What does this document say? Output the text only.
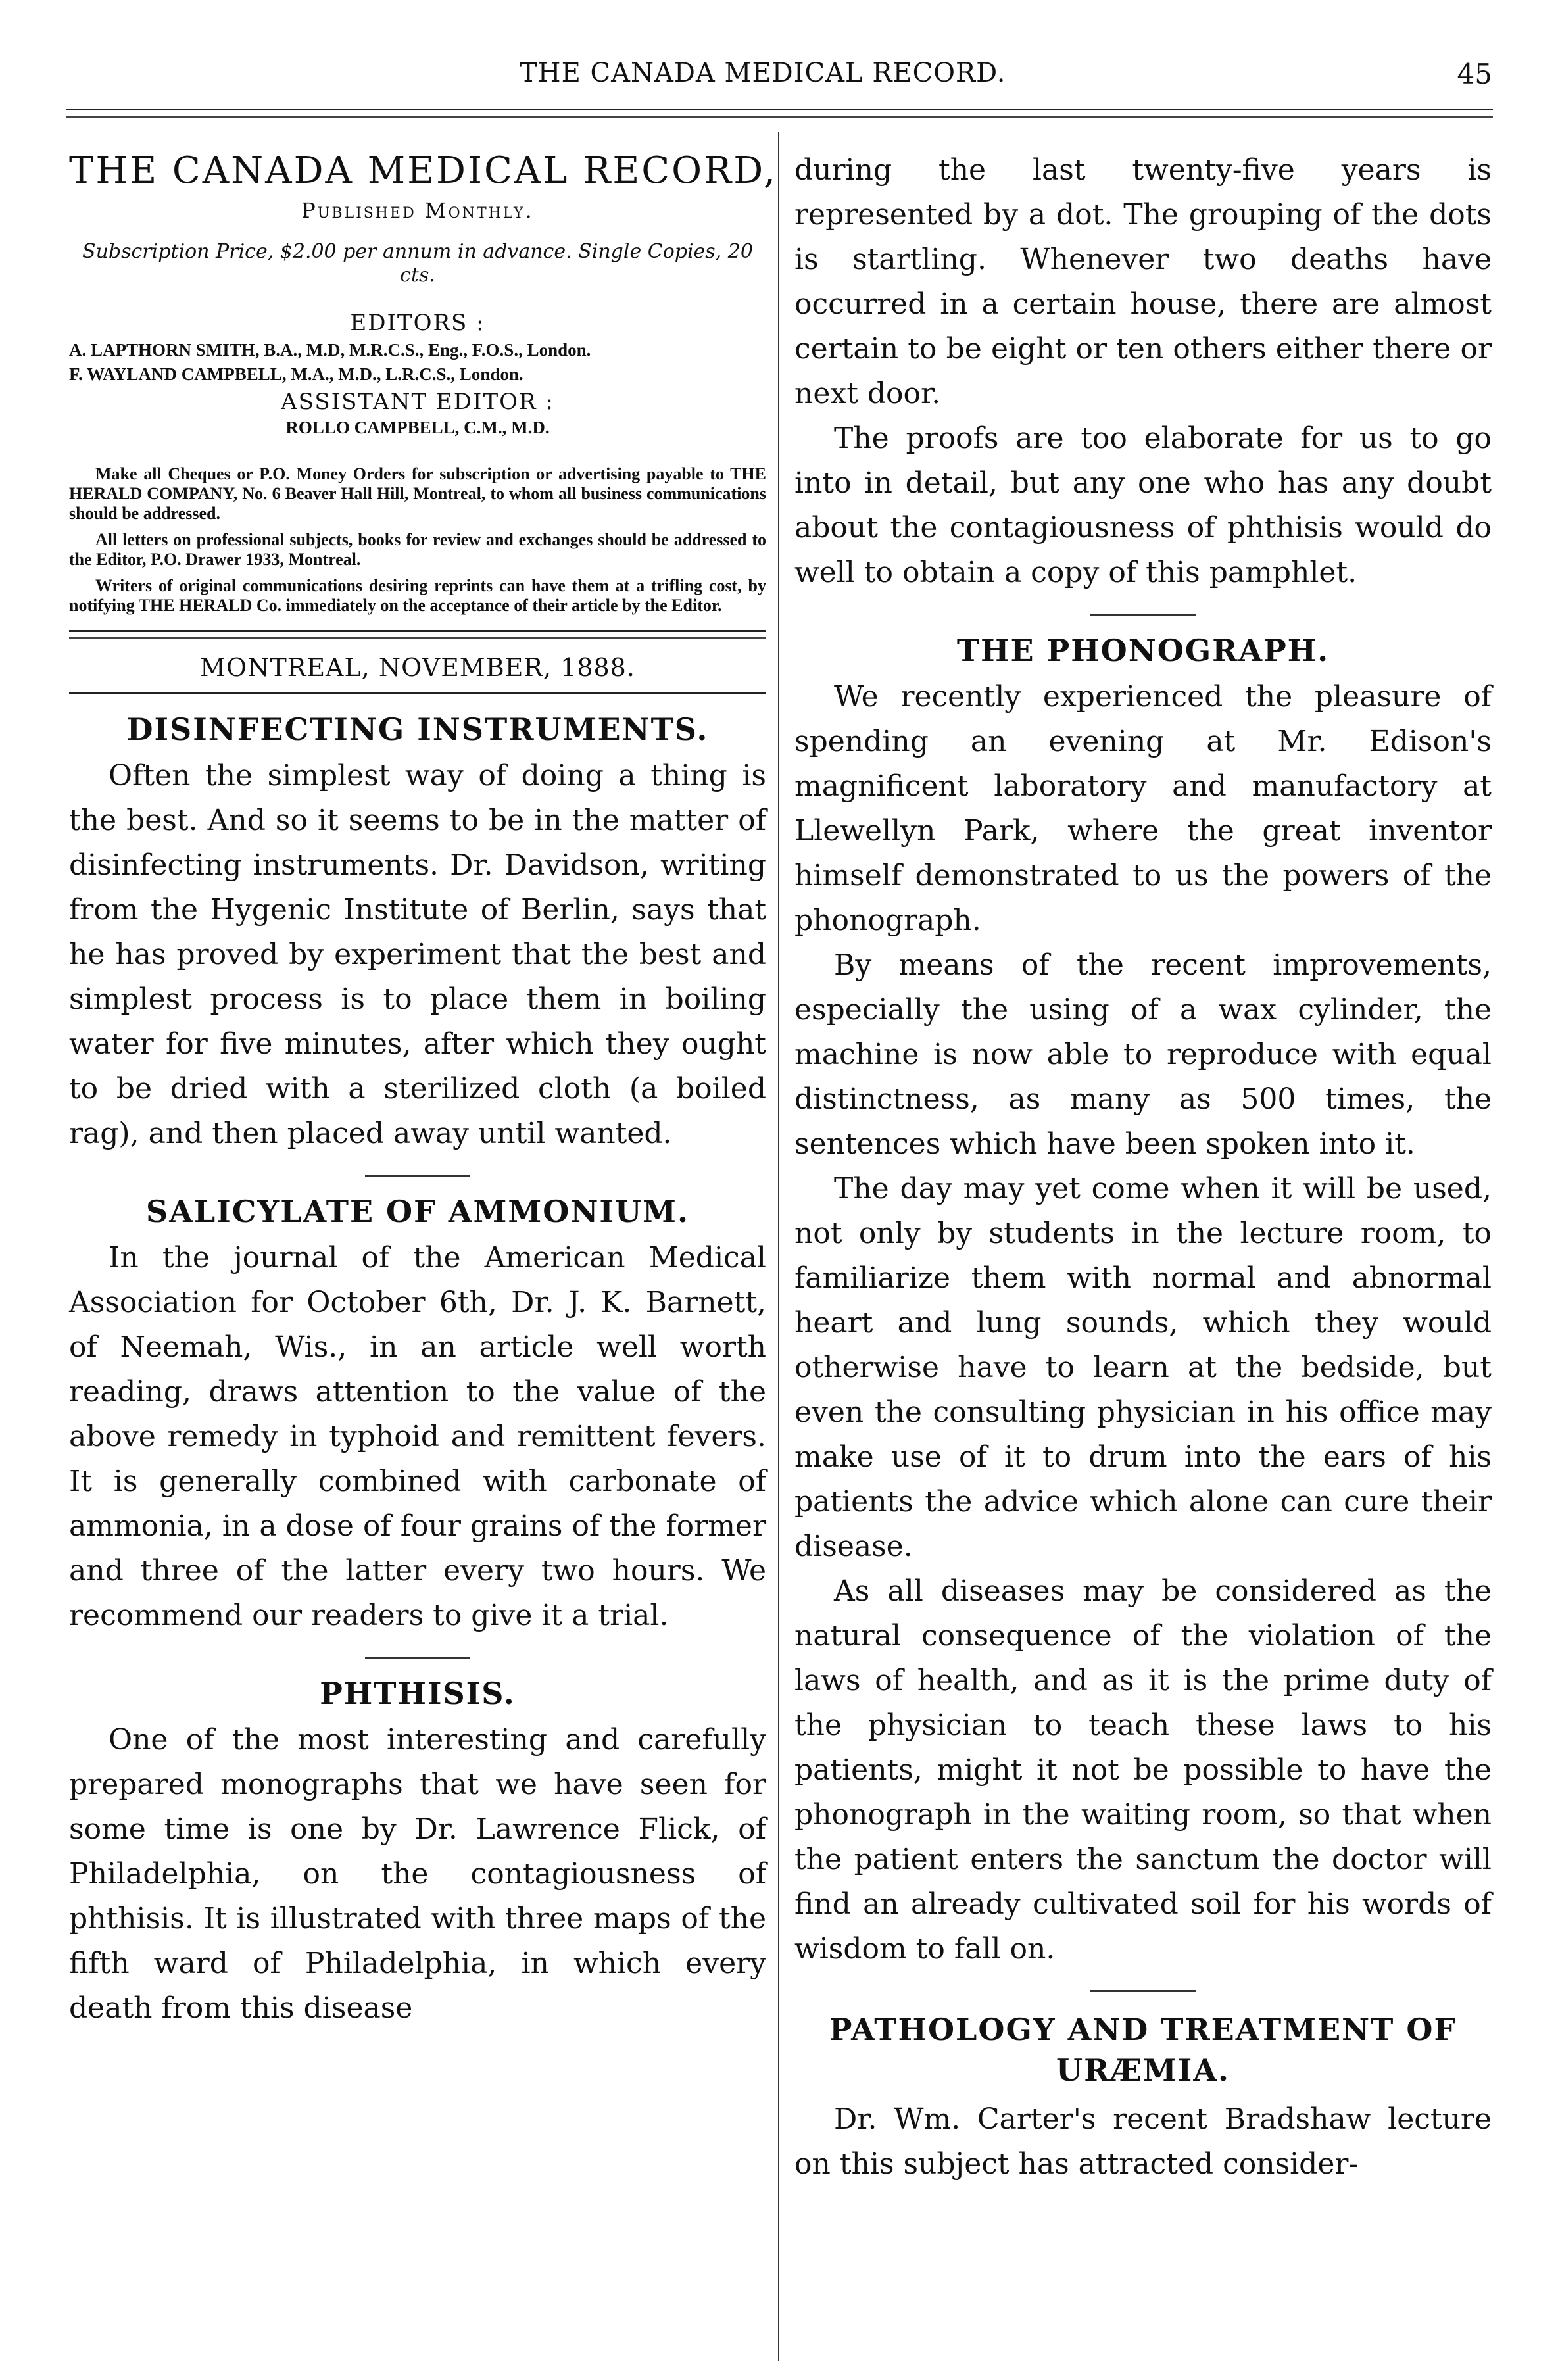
THE CANADA MEDICAL RECORD.	45

THE CANADA MEDICAL RECORD,

Published Monthly.

Subscription Price, $2.00 per annum in advance. Single Copies, 20 cts.

EDITORS :

A. LAPTHORN SMITH, B.A., M.D, M.R.C.S., Eng., F.O.S., London.

F. WAYLAND CAMPBELL, M.A., M.D., L.R.C.S., London.

ASSISTANT EDITOR :

ROLLO CAMPBELL, C.M., M.D.

Make all Cheques or P.O. Money Orders for subscription or advertising payable to THE HERALD COMPANY, No. 6 Beaver Hall Hill, Montreal, to whom all business communications should be addressed.

All letters on professional subjects, books for review and exchanges should be addressed to the Editor, P.O. Drawer 1933, Montreal.

Writers of original communications desiring reprints can have them at a trifling cost, by notifying THE HERALD Co. immediately on the acceptance of their article by the Editor.

MONTREAL, NOVEMBER, 1888.

DISINFECTING INSTRUMENTS.

Often the simplest way of doing a thing is the best. And so it seems to be in the matter of disinfecting instruments. Dr. Davidson, writing from the Hygenic Institute of Berlin, says that he has proved by experiment that the best and simplest process is to place them in boiling water for five minutes, after which they ought to be dried with a sterilized cloth (a boiled rag), and then placed away until wanted.

SALICYLATE OF AMMONIUM.

In the journal of the American Medical Association for October 6th, Dr. J. K. Barnett, of Neemah, Wis., in an article well worth reading, draws attention to the value of the above remedy in typhoid and remittent fevers. It is generally combined with carbonate of ammonia, in a dose of four grains of the former and three of the latter every two hours. We recommend our readers to give it a trial.

PHTHISIS.

One of the most interesting and carefully prepared monographs that we have seen for some time is one by Dr. Lawrence Flick, of Philadelphia, on the contagiousness of phthisis. It is illustrated with three maps of the fifth ward of Philadelphia, in which every death from this disease

during the last twenty-five years is represented by a dot. The grouping of the dots is startling. Whenever two deaths have occurred in a certain house, there are almost certain to be eight or ten others either there or next door.

The proofs are too elaborate for us to go into in detail, but any one who has any doubt about the contagiousness of phthisis would do well to obtain a copy of this pamphlet.

THE PHONOGRAPH.

We recently experienced the pleasure of spending an evening at Mr. Edison's magnificent laboratory and manufactory at Llewellyn Park, where the great inventor himself demonstrated to us the powers of the phonograph.

By means of the recent improvements, especially the using of a wax cylinder, the machine is now able to reproduce with equal distinctness, as many as 500 times, the sentences which have been spoken into it.

The day may yet come when it will be used, not only by students in the lecture room, to familiarize them with normal and abnormal heart and lung sounds, which they would otherwise have to learn at the bedside, but even the consulting physician in his office may make use of it to drum into the ears of his patients the advice which alone can cure their disease.

As all diseases may be considered as the natural consequence of the violation of the laws of health, and as it is the prime duty of the physician to teach these laws to his patients, might it not be possible to have the phonograph in the waiting room, so that when the patient enters the sanctum the doctor will find an already cultivated soil for his words of wisdom to fall on.

PATHOLOGY AND TREATMENT OF URÆMIA.

Dr. Wm. Carter's recent Bradshaw lecture on this subject has attracted consider-
